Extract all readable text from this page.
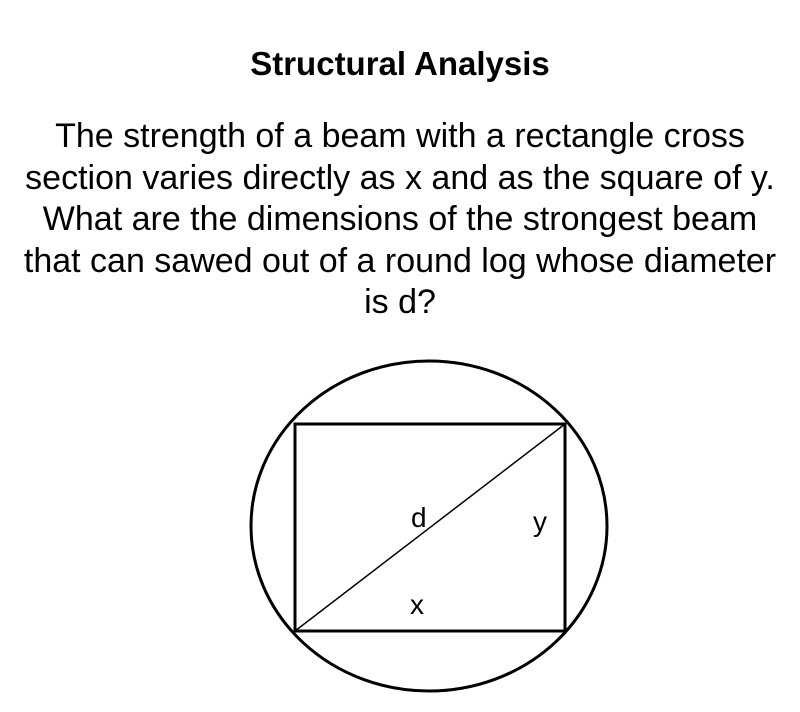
Structural Analysis

The strength of a beam with a rectangle cross section varies directly as x and as the square of y. What are the dimensions of the strongest beam that can sawed out of a round log whose diameter is d?

d	y
x
